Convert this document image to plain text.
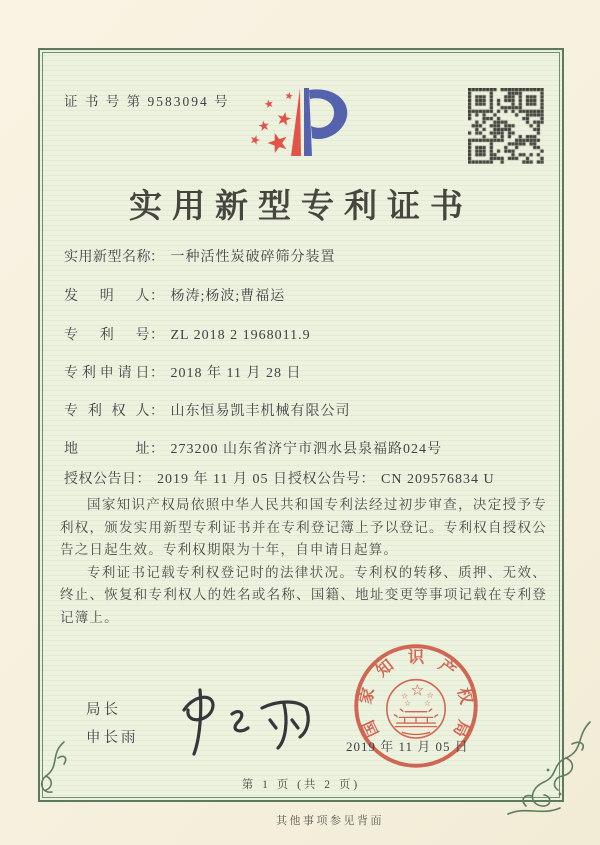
证 书 号 第 9583094 号
实用新型专利证书
实用新型名称： 一种活性炭破碎筛分装置
发明人： 杨涛;杨波;曹福运
专利号： ZL 2018 2 1968011.9
专利申请日： 2018 年 11 月 28 日
专利权人： 山东恒易凯丰机械有限公司
地址： 273200 山东省济宁市泗水县泉福路024号
授权公告日： 2019 年 11 月 05 日 授权公告号： CN 209576834 U

国家知识产权局依照中华人民共和国专利法经过初步审查，决定授予专利权，颁发实用新型专利证书并在专利登记簿上予以登记。专利权自授权公告之日起生效。专利权期限为十年，自申请日起算。

专利证书记载专利权登记时的法律状况。专利权的转移、质押、无效、终止、恢复和专利权人的姓名或名称、国籍、地址变更等事项记载在专利登记簿上。

局长
申长雨	国
家
知 识 产
权
局
2019 年 11 月 05 日
第 1 页 (共 2 页)
其他事项参见背面
